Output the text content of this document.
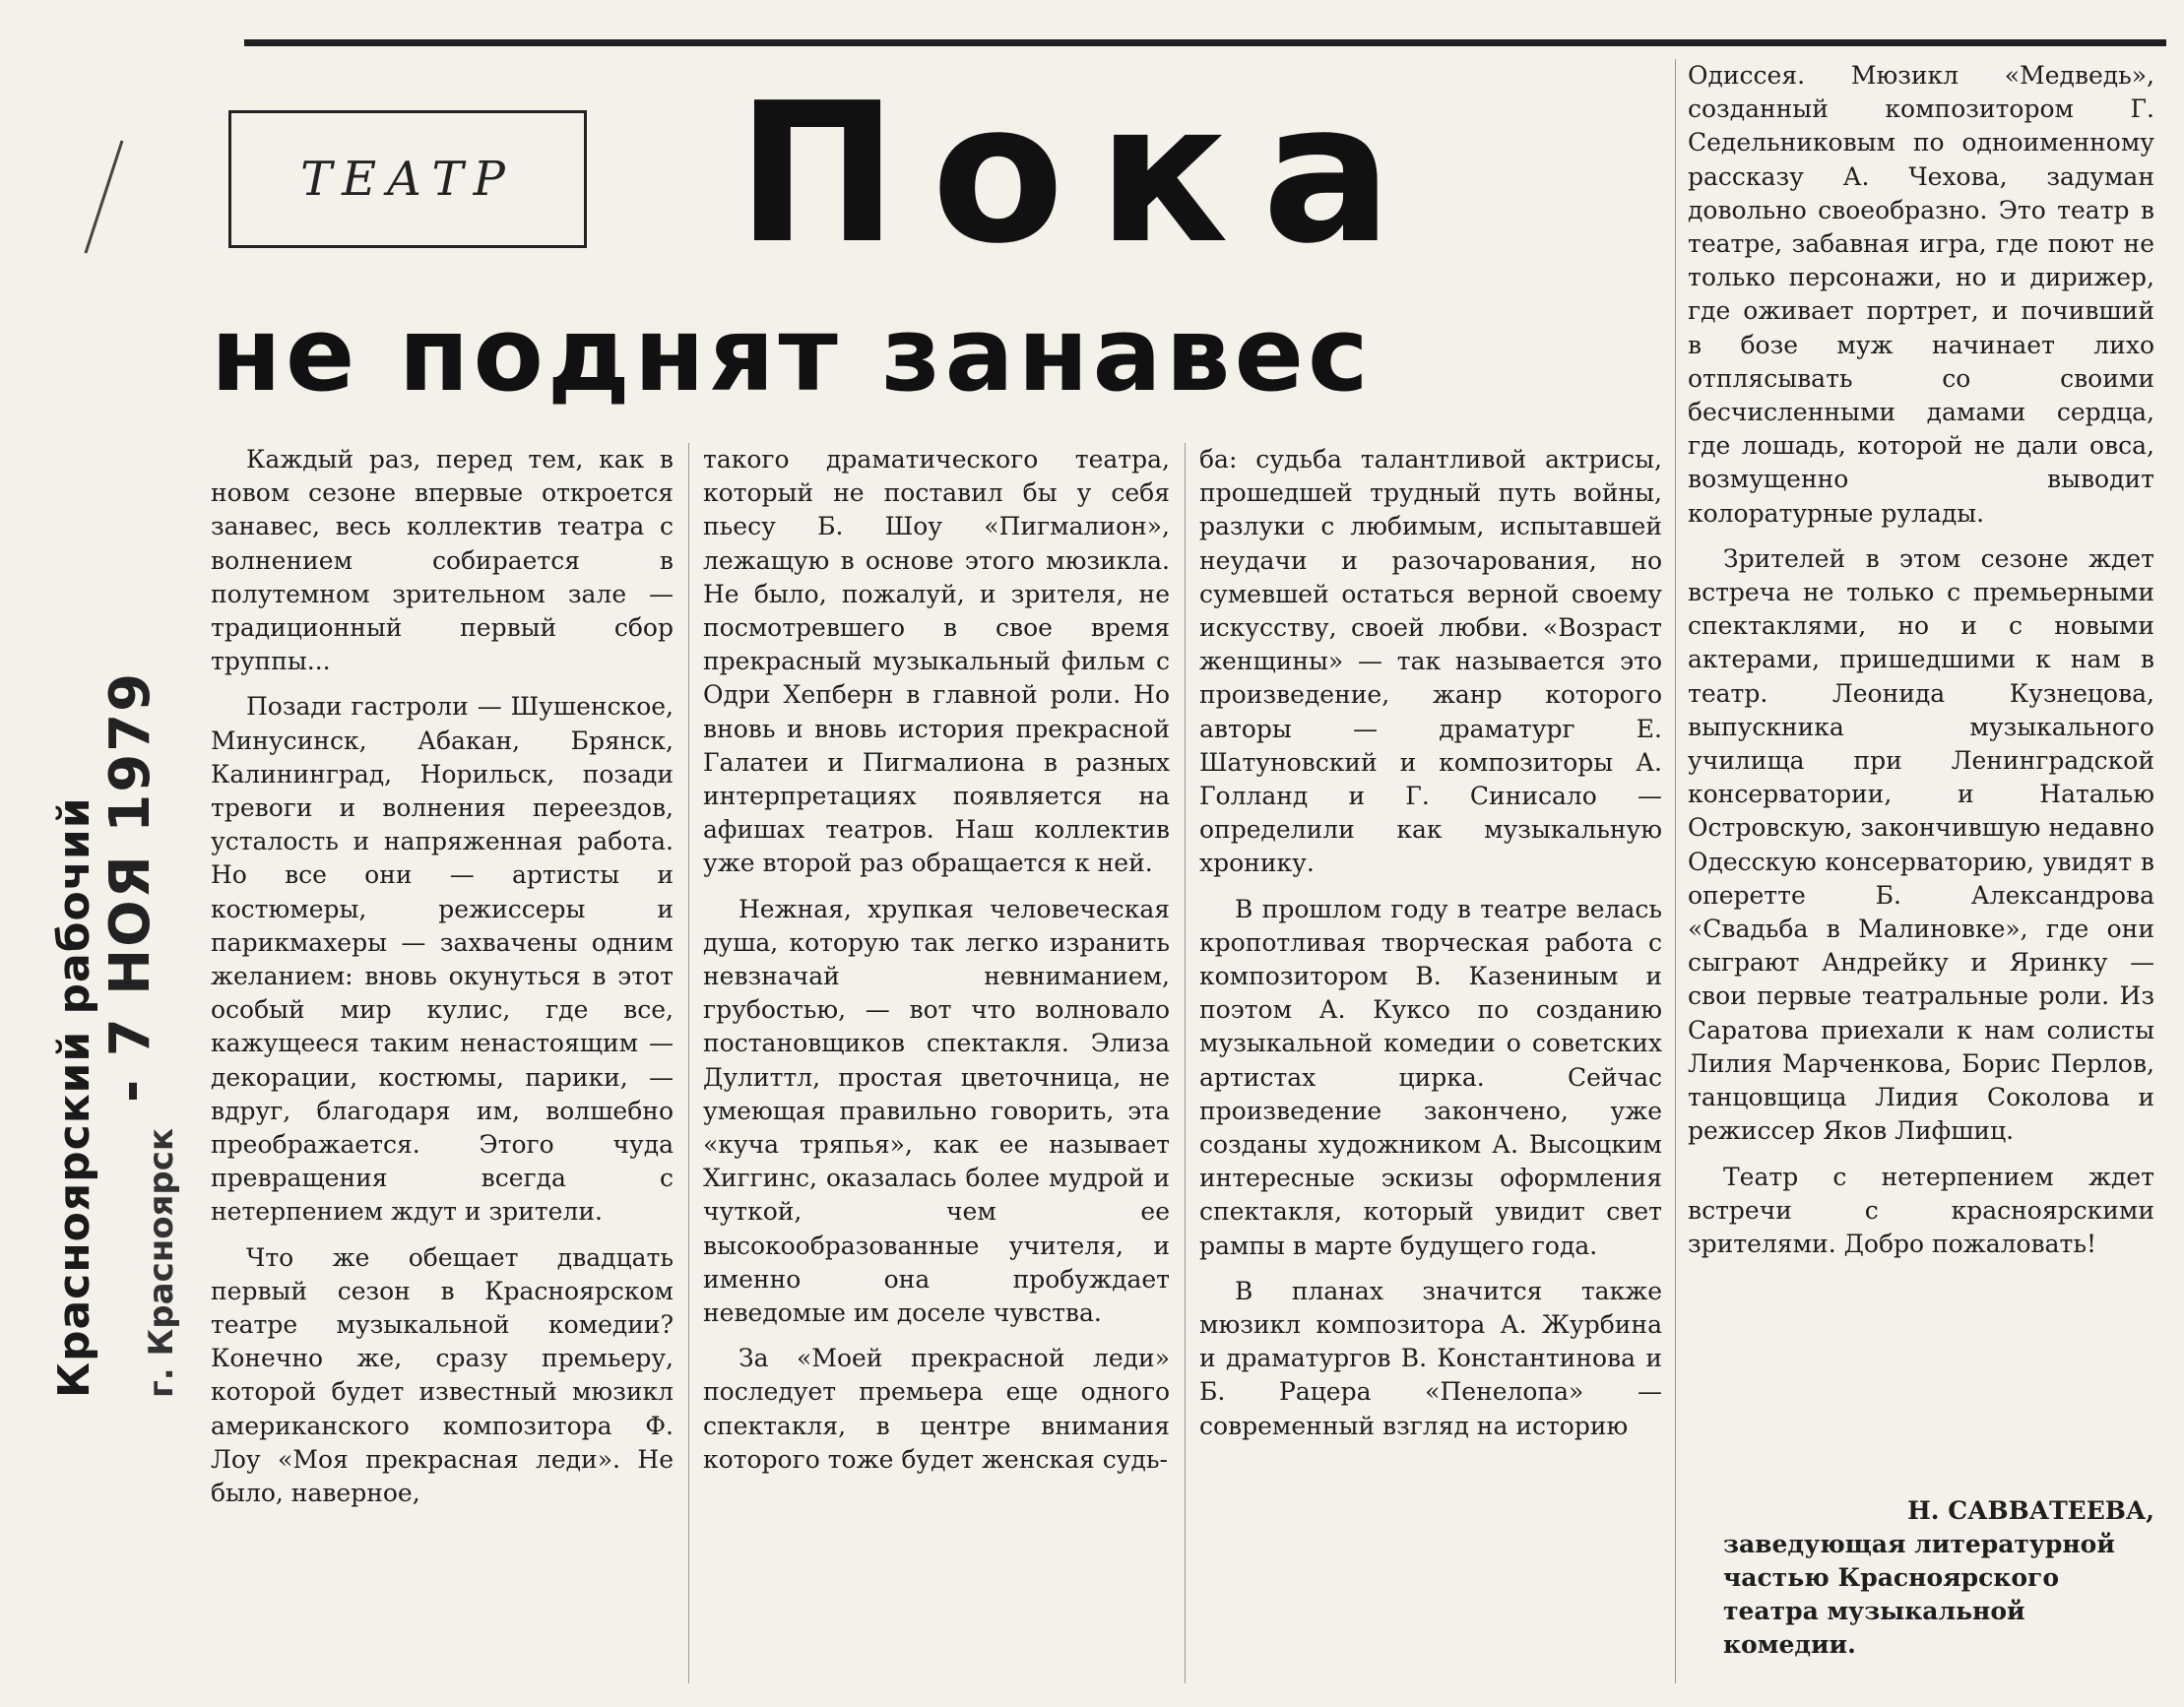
Красноярский рабочий - 7 НОЯ 1979
г. Красноярск
ТЕАТР	Пока
не поднят занавес

Каждый раз, перед тем, как в новом сезоне впервые откроется занавес, весь коллектив театра с волнением собирается в полутемном зрительном зале — традиционный первый сбор труппы...

Позади гастроли — Шушенское, Минусинск, Абакан, Брянск, Калининград, Норильск, позади тревоги и волнения переездов, усталость и напряженная работа. Но все они — артисты и костюмеры, режиссеры и парикмахеры — захвачены одним желанием: вновь окунуться в этот особый мир кулис, где все, кажущееся таким ненастоящим — декорации, костюмы, парики, — вдруг, благодаря им, волшебно преображается. Этого чуда превращения всегда с нетерпением ждут и зрители.

Что же обещает двадцать первый сезон в Красноярском театре музыкальной комедии? Конечно же, сразу премьеру, которой будет известный мюзикл американского композитора Ф. Лоу «Моя прекрасная леди». Не было, наверное,

такого драматического театра, который не поставил бы у себя пьесу Б. Шоу «Пигмалион», лежащую в основе этого мюзикла. Не было, пожалуй, и зрителя, не посмотревшего в свое время прекрасный музыкальный фильм с Одри Хепберн в главной роли. Но вновь и вновь история прекрасной Галатеи и Пигмалиона в разных интерпретациях появляется на афишах театров. Наш коллектив уже второй раз обращается к ней.

Нежная, хрупкая человеческая душа, которую так легко изранить невзначай невниманием, грубостью, — вот что волновало постановщиков спектакля. Элиза Дулиттл, простая цветочница, не умеющая правильно говорить, эта «куча тряпья», как ее называет Хиггинс, оказалась более мудрой и чуткой, чем ее высокообразованные учителя, и именно она пробуждает неведомые им доселе чувства.

За «Моей прекрасной леди» последует премьера еще одного спектакля, в центре внимания которого тоже будет женская судь-

ба: судьба талантливой актрисы, прошедшей трудный путь войны, разлуки с любимым, испытавшей неудачи и разочарования, но сумевшей остаться верной своему искусству, своей любви. «Возраст женщины» — так называется это произведение, жанр которого авторы — драматург Е. Шатуновский и композиторы А. Голланд и Г. Синисало — определили как музыкальную хронику.

В прошлом году в театре велась кропотливая творческая работа с композитором В. Казениным и поэтом А. Куксо по созданию музыкальной комедии о советских артистах цирка. Сейчас произведение закончено, уже созданы художником А. Высоцким интересные эскизы оформления спектакля, который увидит свет рампы в марте будущего года.

В планах значится также мюзикл композитора А. Журбина и драматургов В. Константинова и Б. Рацера «Пенелопа» — современный взгляд на историю

Одиссея. Мюзикл «Медведь», созданный композитором Г. Седельниковым по одноименному рассказу А. Чехова, задуман довольно своеобразно. Это театр в театре, забавная игра, где поют не только персонажи, но и дирижер, где оживает портрет, и почивший в бозе муж начинает лихо отплясывать со своими бесчисленными дамами сердца, где лошадь, которой не дали овса, возмущенно выводит колоратурные рулады.

Зрителей в этом сезоне ждет встреча не только с премьерными спектаклями, но и с новыми актерами, пришедшими к нам в театр. Леонида Кузнецова, выпускника музыкального училища при Ленинградской консерватории, и Наталью Островскую, закончившую недавно Одесскую консерваторию, увидят в оперетте Б. Александрова «Свадьба в Малиновке», где они сыграют Андрейку и Яринку — свои первые театральные роли. Из Саратова приехали к нам солисты Лилия Марченкова, Борис Перлов, танцовщица Лидия Соколова и режиссер Яков Лифшиц.

Театр с нетерпением ждет встречи с красноярскими зрителями. Добро пожаловать!

Н. САВВАТЕЕВА,

заведующая литературной частью Красноярского театра музыкальной комедии.
